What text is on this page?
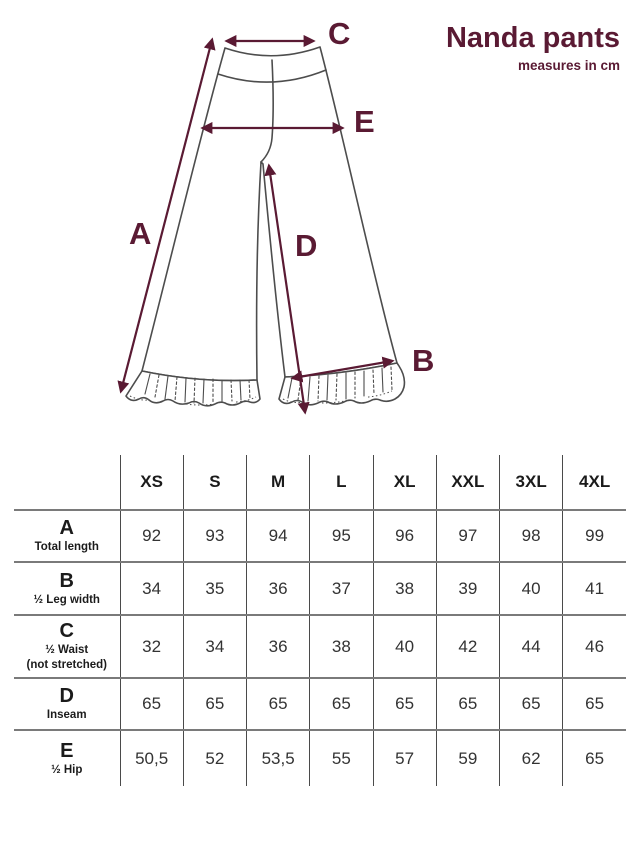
A
B
C
D
E
Nanda pants
measures in cm
	XS	S	M	L	XL	XXL	3XL	4XL

A
Total length	92	93	94	95	96	97	98	99

B
½ Leg width	34	35	36	37	38	39	40	41

C
½ Waist
(not stretched)	32	34	36	38	40	42	44	46

D
Inseam	65	65	65	65	65	65	65	65

E
½ Hip	50,5	52	53,5	55	57	59	62	65
